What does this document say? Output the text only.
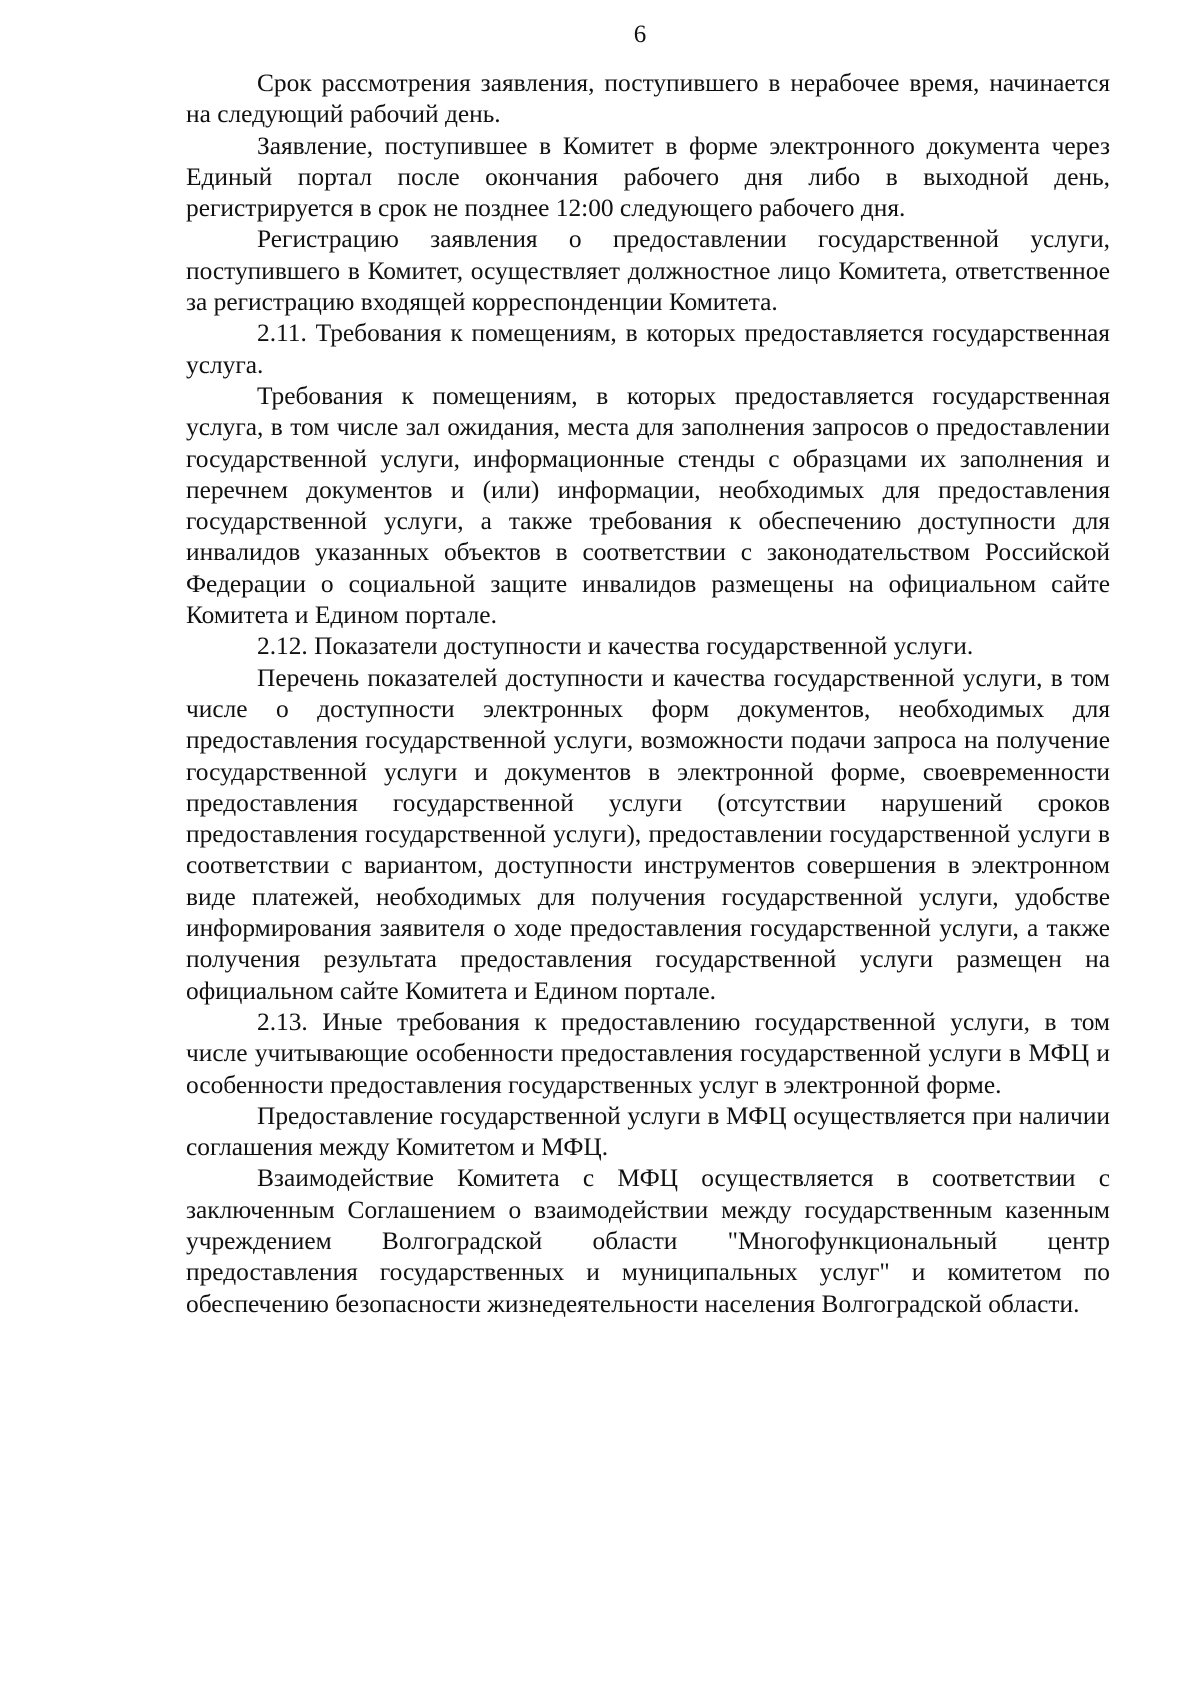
6

Срок рассмотрения заявления, поступившего в нерабочее время, начинается на следующий рабочий день.

Заявление, поступившее в Комитет в форме электронного документа через Единый портал после окончания рабочего дня либо в выходной день, регистрируется в срок не позднее 12:00 следующего рабочего дня.

Регистрацию заявления о предоставлении государственной услуги, поступившего в Комитет, осуществляет должностное лицо Комитета, ответственное за регистрацию входящей корреспонденции Комитета.

2.11. Требования к помещениям, в которых предоставляется государственная услуга.

Требования к помещениям, в которых предоставляется государственная услуга, в том числе зал ожидания, места для заполнения запросов о предоставлении государственной услуги, информационные стенды с образцами их заполнения и перечнем документов и (или) информации, необходимых для предоставления государственной услуги, а также требования к обеспечению доступности для инвалидов указанных объектов в соответствии с законодательством Российской Федерации о социальной защите инвалидов размещены на официальном сайте Комитета и Едином портале.

2.12. Показатели доступности и качества государственной услуги.

Перечень показателей доступности и качества государственной услуги, в том числе о доступности электронных форм документов, необходимых для предоставления государственной услуги, возможности подачи запроса на получение государственной услуги и документов в электронной форме, своевременности предоставления государственной услуги (отсутствии нарушений сроков предоставления государственной услуги), предоставлении государственной услуги в соответствии с вариантом, доступности инструментов совершения в электронном виде платежей, необходимых для получения государственной услуги, удобстве информирования заявителя о ходе предоставления государственной услуги, а также получения результата предоставления государственной услуги размещен на официальном сайте Комитета и Едином портале.

2.13. Иные требования к предоставлению государственной услуги, в том числе учитывающие особенности предоставления государственной услуги в МФЦ и особенности предоставления государственных услуг в электронной форме.

Предоставление государственной услуги в МФЦ осуществляется при наличии соглашения между Комитетом и МФЦ.

Взаимодействие Комитета с МФЦ осуществляется в соответствии с заключенным Соглашением о взаимодействии между государственным казенным учреждением Волгоградской области "Многофункциональный центр предоставления государственных и муниципальных услуг" и комитетом по обеспечению безопасности жизнедеятельности населения Волгоградской области.
